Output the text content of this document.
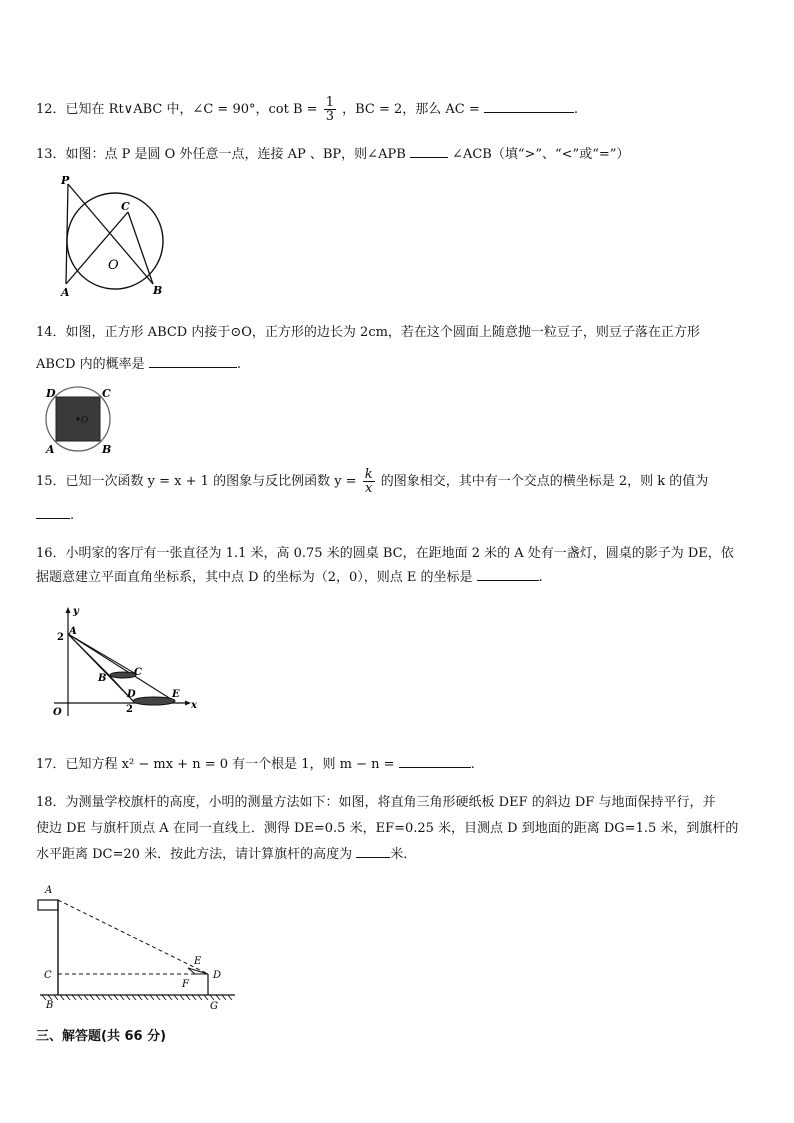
12．已知在 Rt∨ABC 中，∠C = 90°，$\cot B = \frac{1}{3}$ ，BC = 2，那么 AC =	.
13．如图：点 P 是圆 O 外任意一点，连接 AP 、BP，则∠APB	∠ACB（填“>”、“<”或“=”）
P
C
O
A	B
14．如图，正方形 ABCD 内接于⊙O，正方形的边长为 2cm，若在这个圆面上随意抛一粒豆子，则豆子落在正方形
ABCD 内的概率是	.
D	C
O
A	B
15．已知一次函数 y = x + 1 的图象与反比例函数 $y = \frac{k}{x}$ 的图象相交，其中有一个交点的横坐标是 2，则 k 的值为
.
16．小明家的客厅有一张直径为 1.1 米，高 0.75 米的圆桌 BC，在距地面 2 米的 A 处有一盏灯，圆桌的影子为 DE，依
据题意建立平面直角坐标系，其中点 D 的坐标为（2，0），则点 E 的坐标是	.
y
x
A
2
B
C
D
2
E
O
17．已知方程 x² − mx + n = 0 有一个根是 1，则 m − n =	.
18．为测量学校旗杆的高度，小明的测量方法如下：如图，将直角三角形硬纸板 DEF 的斜边 DF 与地面保持平行，并
使边 DE 与旗杆顶点 A 在同一直线上．测得 DE=0.5 米，EF=0.25 米，目测点 D 到地面的距离 DG=1.5 米，到旗杆的
水平距离 DC=20 米．按此方法，请计算旗杆的高度为	米．
A
C
B
E
D
F
G
三、解答题(共 66 分)
